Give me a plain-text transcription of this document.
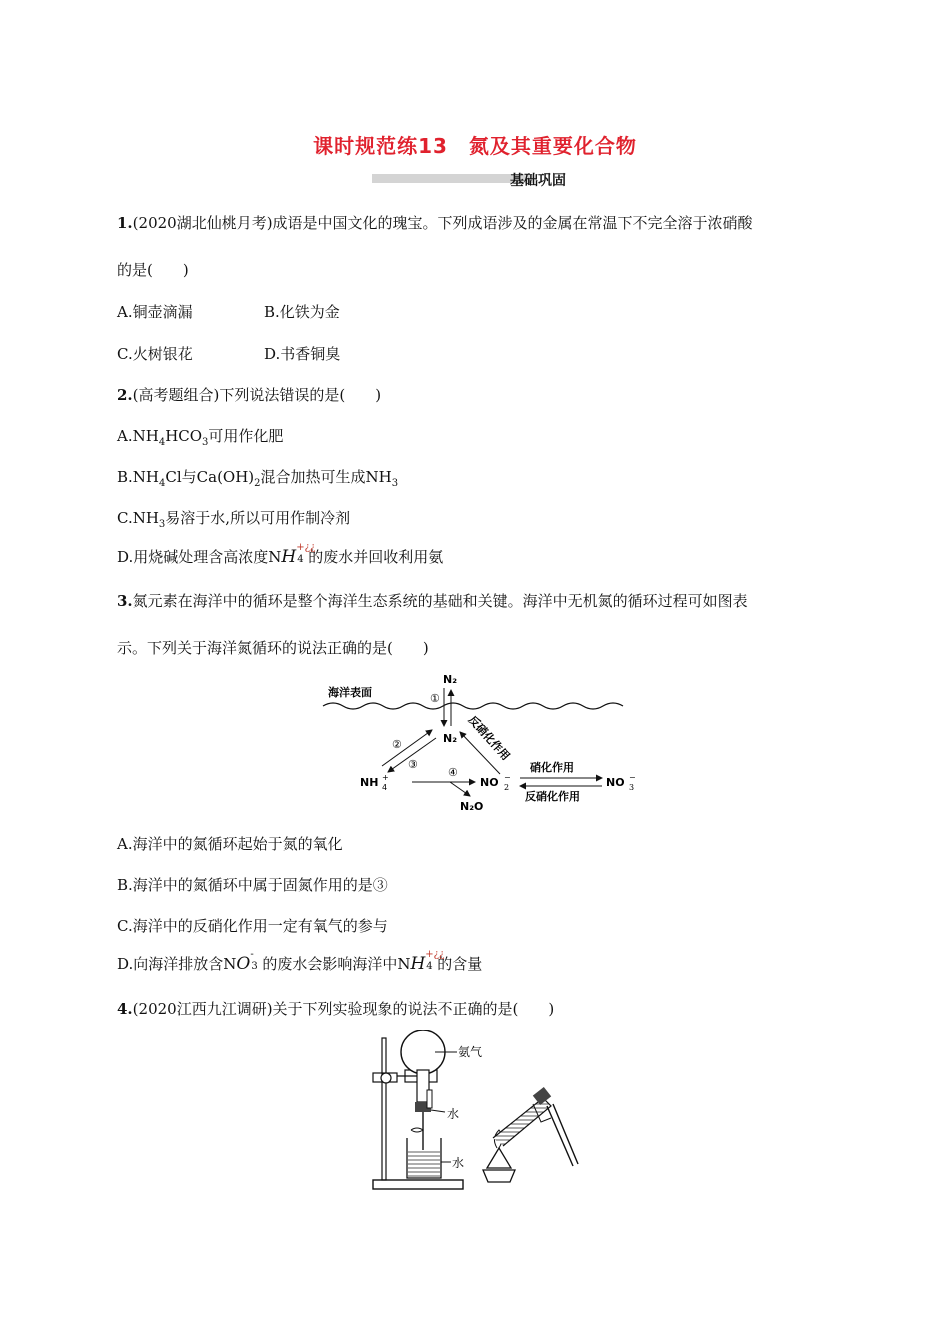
课时规范练13　氮及其重要化合物
基础巩固
1.(2020湖北仙桃月考)成语是中国文化的瑰宝。下列成语涉及的金属在常温下不完全溶于浓硝酸
的是(　　)
A.铜壶滴漏	B.化铁为金
C.火树银花	D.书香铜臭
2.(高考题组合)下列说法错误的是(　　)
$A.NH_4HCO_3$可用作化肥
$B.NH_4Cl$与$Ca(OH)_2$混合加热可生成$NH_3$
$C.NH_3$易溶于水,所以可用作制冷剂
D.用烧碱处理含高浓度NH +¿¿
4 的废水并回收利用氨
3.氮元素在海洋中的循环是整个海洋生态系统的基础和关键。海洋中无机氮的循环过程可如图表
示。下列关于海洋氮循环的说法正确的是(　　)
海洋表面
N₂
①
N₂
②
③
反硝化作用
NH +
4
④
N₂O
NO −
2
硝化作用
反硝化作用
NO −
3
A.海洋中的氮循环起始于氮的氧化
B.海洋中的氮循环中属于固氮作用的是③
C.海洋中的反硝化作用一定有氧气的参与
D.向海洋排放含NO -
3 的废水会影响海洋中NH +¿¿
4 的含量
4.(2020江西九江调研)关于下列实验现象的说法不正确的是(　　)
氨气
水
水
